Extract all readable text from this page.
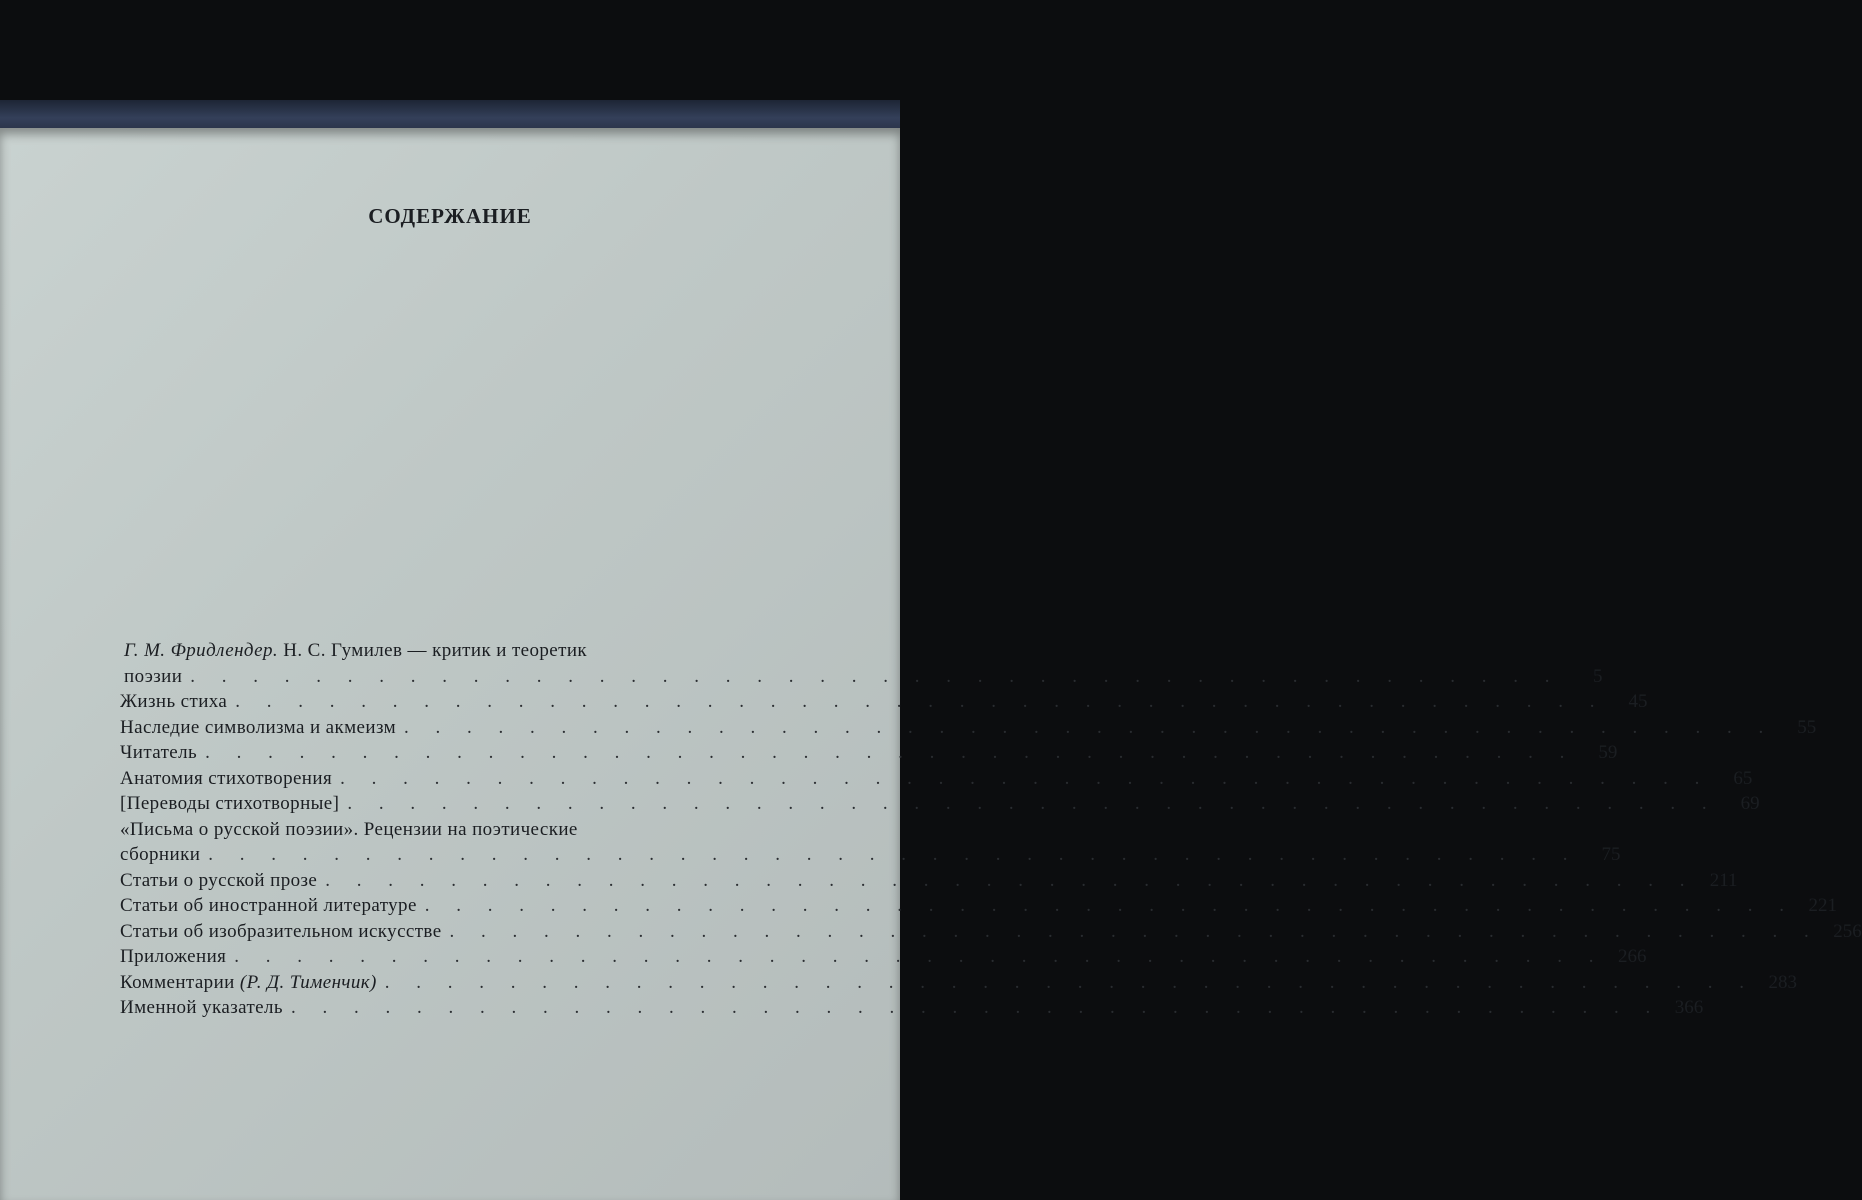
СОДЕРЖАНИЕ
Г. М. Фридлендер. Н. С. Гумилев — критик и теоретик
поэзии . . . . . . . . . . . . . . . . . . . . . . . . . . . . . . . . . . . . . . . . . . . .	5
Жизнь стиха . . . . . . . . . . . . . . . . . . . . . . . . . . . . . . . . . . . . . . . . . . . .	45
Наследие символизма и акмеизм . . . . . . . . . . . . . . . . . . . . . . . . . . . . . . . . . . . . . . . . . . . .	55
Читатель . . . . . . . . . . . . . . . . . . . . . . . . . . . . . . . . . . . . . . . . . . . .	59
Анатомия стихотворения . . . . . . . . . . . . . . . . . . . . . . . . . . . . . . . . . . . . . . . . . . . .	65
[Переводы стихотворные] . . . . . . . . . . . . . . . . . . . . . . . . . . . . . . . . . . . . . . . . . . . .	69
«Письма о русской поэзии». Рецензии на поэтические
сборники . . . . . . . . . . . . . . . . . . . . . . . . . . . . . . . . . . . . . . . . . . . .	75
Статьи о русской прозе . . . . . . . . . . . . . . . . . . . . . . . . . . . . . . . . . . . . . . . . . . . . 211
Статьи об иностранной литературе . . . . . . . . . . . . . . . . . . . . . . . . . . . . . . . . . . . . . . . . . . . . 221
Статьи об изобразительном искусстве . . . . . . . . . . . . . . . . . . . . . . . . . . . . . . . . . . . . . . . . . . . . 256
Приложения . . . . . . . . . . . . . . . . . . . . . . . . . . . . . . . . . . . . . . . . . . . . 266
Комментарии (Р. Д. Тименчик) . . . . . . . . . . . . . . . . . . . . . . . . . . . . . . . . . . . . . . . . . . . . 283
Именной указатель . . . . . . . . . . . . . . . . . . . . . . . . . . . . . . . . . . . . . . . . . . . . 366
